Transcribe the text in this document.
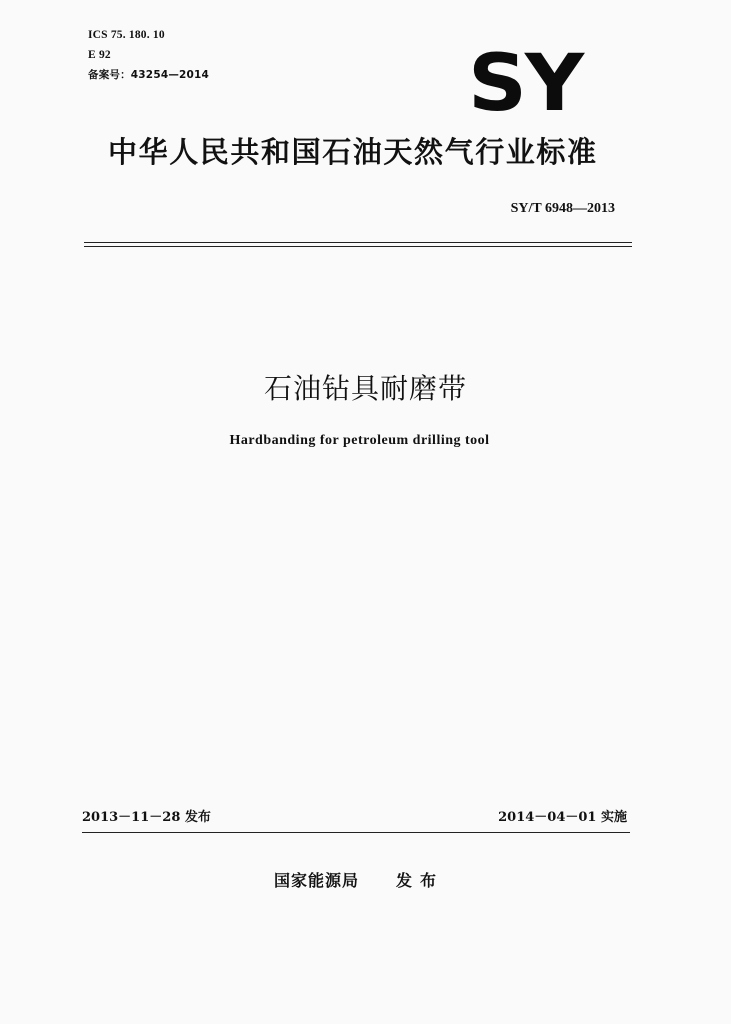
ICS 75. 180. 10
E 92
备案号：43254—2014	SY
中华人民共和国石油天然气行业标准
SY/T 6948—2013
石油钻具耐磨带
Hardbanding for petroleum drilling tool
2013－11－28 发布	2014－04－01 实施
国家能源局 发布
